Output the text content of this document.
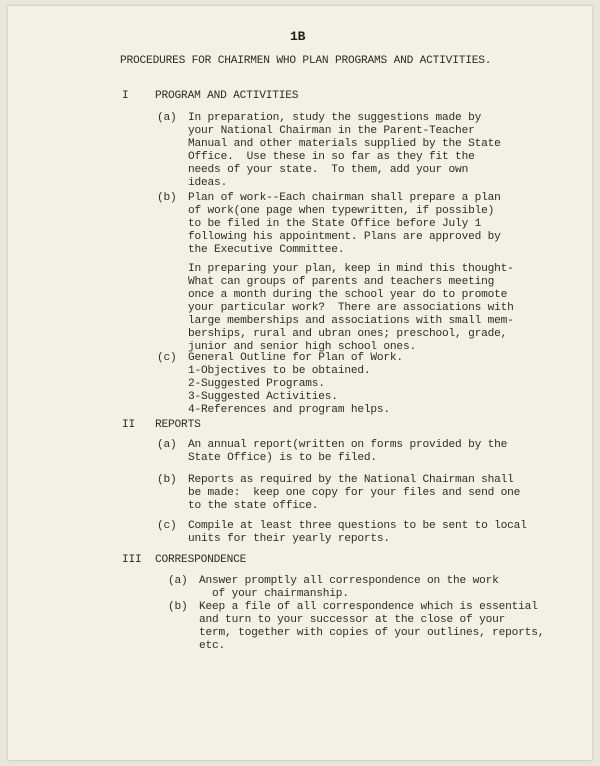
1B
PROCEDURES FOR CHAIRMEN WHO PLAN PROGRAMS AND ACTIVITIES.
I PROGRAM AND ACTIVITIES
(a) In preparation, study the suggestions made by
your National Chairman in the Parent-Teacher
Manual and other materials supplied by the State
Office.  Use these in so far as they fit the
needs of your state.  To them, add your own
ideas.
(b) Plan of work--Each chairman shall prepare a plan
of work(one page when typewritten, if possible)
to be filed in the State Office before July 1
following his appointment. Plans are approved by
the Executive Committee.
In preparing your plan, keep in mind this thought-
What can groups of parents and teachers meeting
once a month during the school year do to promote
your particular work?  There are associations with
large memberships and associations with small mem-
berships, rural and ubran ones; preschool, grade,
junior and senior high school ones.
(c) General Outline for Plan of Work.
1-Objectives to be obtained.
2-Suggested Programs.
3-Suggested Activities.
4-References and program helps.
II REPORTS
(a) An annual report(written on forms provided by the
State Office) is to be filed.
(b) Reports as required by the National Chairman shall
be made:  keep one copy for your files and send one
to the state office.
(c) Compile at least three questions to be sent to local
units for their yearly reports.
III CORRESPONDENCE
(a) Answer promptly all correspondence on the work
of your chairmanship.
(b) Keep a file of all correspondence which is essential
and turn to your successor at the close of your
term, together with copies of your outlines, reports,
etc.
